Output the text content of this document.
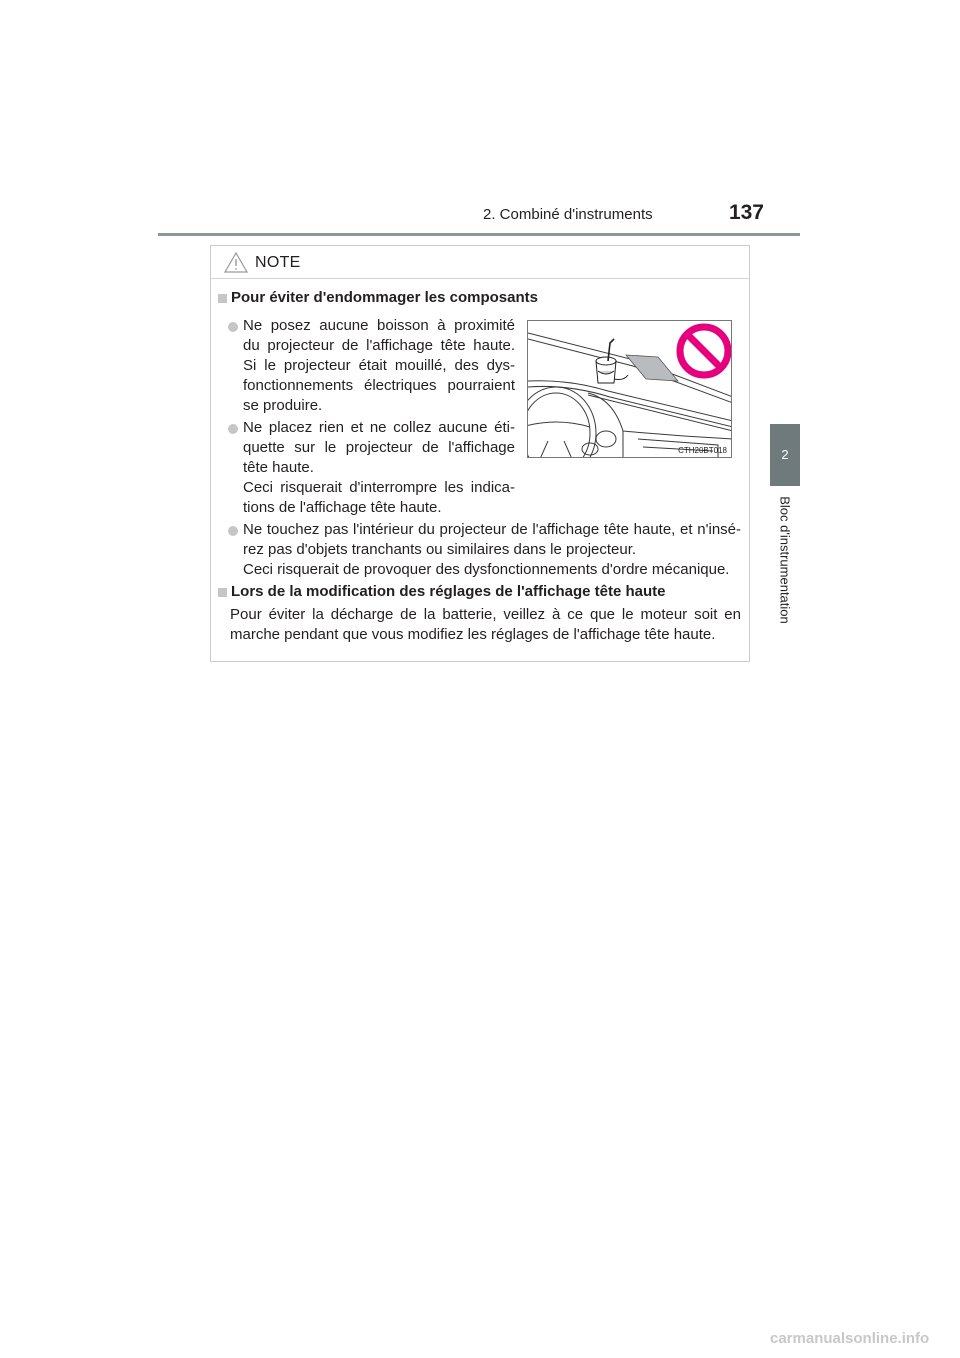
2. Combiné d'instruments	137
2
Bloc d'instrumentation
NOTE
Pour éviter d'endommager les composants
Ne posez aucune boisson à proximité
du projecteur de l'affichage tête haute.
Si le projecteur était mouillé, des dys-
fonctionnements électriques pourraient
se produire.
Ne placez rien et ne collez aucune éti-
quette sur le projecteur de l'affichage
tête haute.
Ceci risquerait d'interrompre les indica-
tions de l'affichage tête haute.
CTH20BT018
Ne touchez pas l'intérieur du projecteur de l'affichage tête haute, et n'insé-
rez pas d'objets tranchants ou similaires dans le projecteur.
Ceci risquerait de provoquer des dysfonctionnements d'ordre mécanique.
Lors de la modification des réglages de l'affichage tête haute
Pour éviter la décharge de la batterie, veillez à ce que le moteur soit en
marche pendant que vous modifiez les réglages de l'affichage tête haute.
carmanualsonline.info
